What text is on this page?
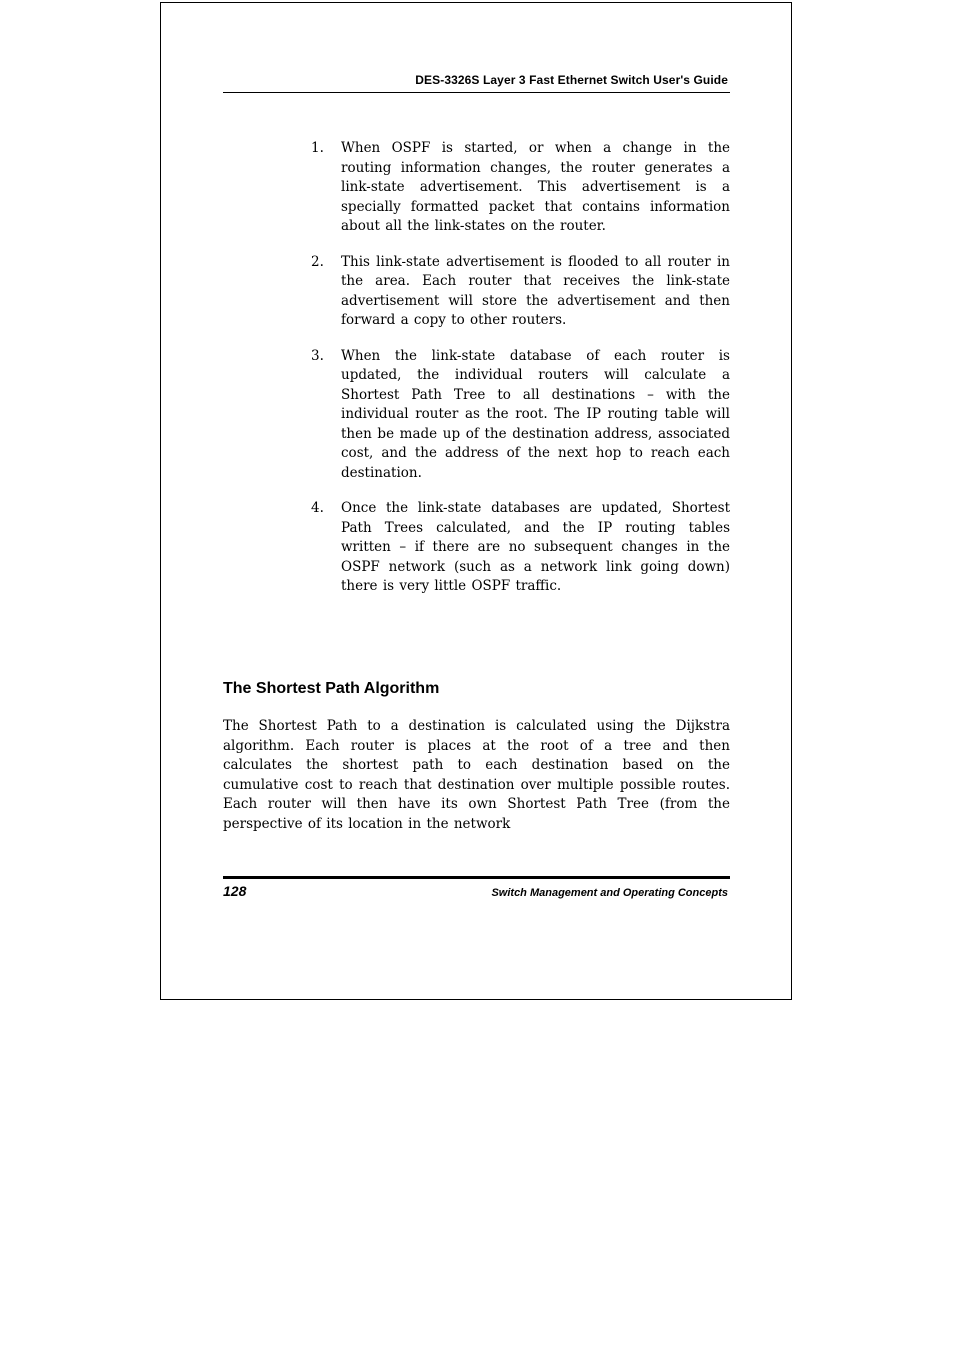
DES-3326S Layer 3 Fast Ethernet Switch User's Guide
1.	When OSPF is started, or when a change in the routing information changes, the router generates a link-state advertisement. This advertisement is a specially formatted packet that contains information about all the link-states on the router.
2.	This link-state advertisement is flooded to all router in the area. Each router that receives the link-state advertisement will store the advertisement and then forward a copy to other routers.
3.	When the link-state database of each router is updated, the individual routers will calculate a Shortest Path Tree to all destinations – with the individual router as the root. The IP routing table will then be made up of the destination address, associated cost, and the address of the next hop to reach each destination.
4.	Once the link-state databases are updated, Shortest Path Trees calculated, and the IP routing tables written – if there are no subsequent changes in the OSPF network (such as a network link going down) there is very little OSPF traffic.
The Shortest Path Algorithm
The Shortest Path to a destination is calculated using the Dijkstra algorithm. Each router is places at the root of a tree and then calculates the shortest path to each destination based on the cumulative cost to reach that destination over multiple possible routes. Each router will then have its own Shortest Path Tree (from the perspective of its location in the network
128	Switch Management and Operating Concepts
